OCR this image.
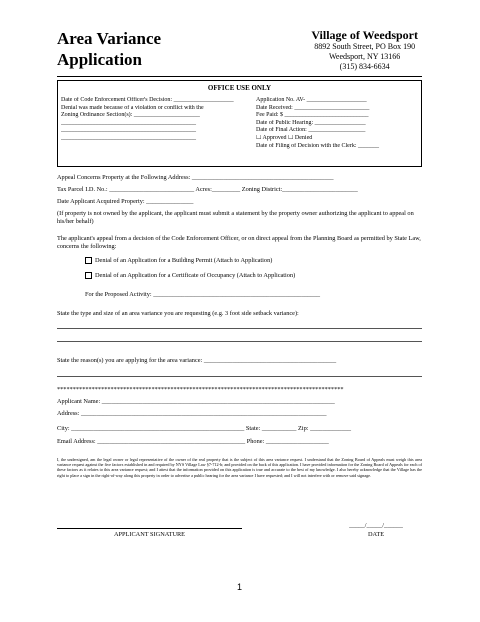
Area Variance
Application
Village of Weedsport
8892 South Street, PO Box 190
Weedsport, NY 13166
(315) 834-6634
OFFICE USE ONLY
Date of Code Enforcement Officer's Decision: ____________________
Denial was made because of a violation or conflict with the
Zoning Ordinance Section(s): ______________________
_____________________________________________
_____________________________________________
_____________________________________________
Application No. AV- ____________________
Date Received: _________________________
Fee Paid: $ ____________________________
Date of Public Hearing: _________________
Date of Final Action: ___________________
☐ Approved ☐ Denied
Date of Filing of Decision with the Clerk: _______
Appeal Concerns Property at the Following Address: _____________________________________________
Tax Parcel I.D. No.: ___________________________ Acres:_________ Zoning District:________________________
Date Applicant Acquired Property: _______________
(If property is not owned by the applicant, the applicant must submit a statement by the property owner authorizing the applicant to appeal on his/her behalf)
The applicant's appeal from a decision of the Code Enforcement Officer, or on direct appeal from the Planning Board as permitted by State Law, concerns the following:
Denial of an Application for a Building Permit (Attach to Application)
Denial of an Application for a Certificate of Occupancy (Attach to Application)
For the Proposed Activity: _____________________________________________________
State the type and size of an area variance you are requesting (e.g. 3 foot side setback variance):
State the reason(s) you are applying for the area variance: __________________________________________
*******************************************************************************************
Applicant Name: __________________________________________________________________________
Address: ______________________________________________________________________________
City: _______________________________________________________ State: ___________ Zip: _____________
Email Address: _______________________________________________ Phone: ____________________
I, the undersigned, am the legal owner or legal representative of the owner of the real property that is the subject of this area variance request. I understand that the Zoning Board of Appeals must weigh this area variance request against the five factors established in and required by NYS Village Law §7-712-b; and provided on the back of this application. I have provided information for the Zoning Board of Appeals for each of these factors as it relates to this area variance request; and I attest that the information provided on this application is true and accurate to the best of my knowledge. I also hereby acknowledge that the Village has the right to place a sign in the right-of-way along this property in order to advertise a public hearing for the area variance I have requested; and I will not interfere with or remove said signage.
APPLICANT SIGNATURE
_____/_____/______
DATE
1
